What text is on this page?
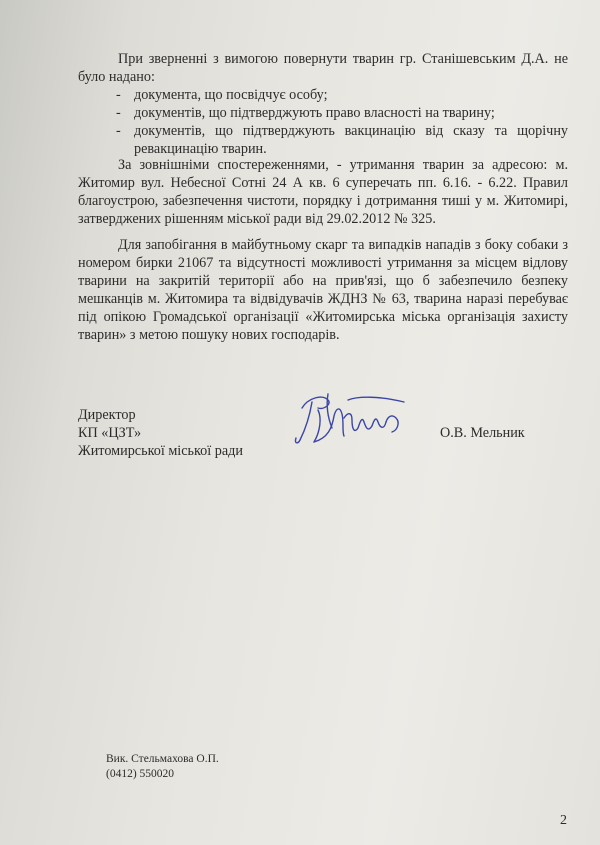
При зверненні з вимогою повернути тварин гр. Станішевським Д.А. не було надано:
- документа, що посвідчує особу;
- документів, що підтверджують право власності на тварину;
- документів, що підтверджують вакцинацію від сказу та щорічну ревакцинацію тварин.
За зовнішніми спостереженнями, - утримання тварин за адресою: м. Житомир вул. Небесної Сотні 24 А кв. 6 суперечать пп. 6.16. - 6.22. Правил благоустрою, забезпечення чистоти, порядку і дотримання тиші у м. Житомирі, затверджених рішенням міської ради від 29.02.2012 № 325.
Для запобігання в майбутньому скарг та випадків нападів з боку собаки з номером бирки 21067 та відсутності можливості утримання за місцем відлову тварини на закритій території або на прив'язі, що б забезпечило безпеку мешканців м. Житомира та відвідувачів ЖДНЗ № 63, тварина наразі перебуває під опікою Громадської організації «Житомирська міська організація захисту тварин» з метою пошуку нових господарів.
Директор
КП «ЦЗТ»
Житомирської міської ради
О.В. Мельник
Вик. Стельмахова О.П.
(0412) 550020
2
